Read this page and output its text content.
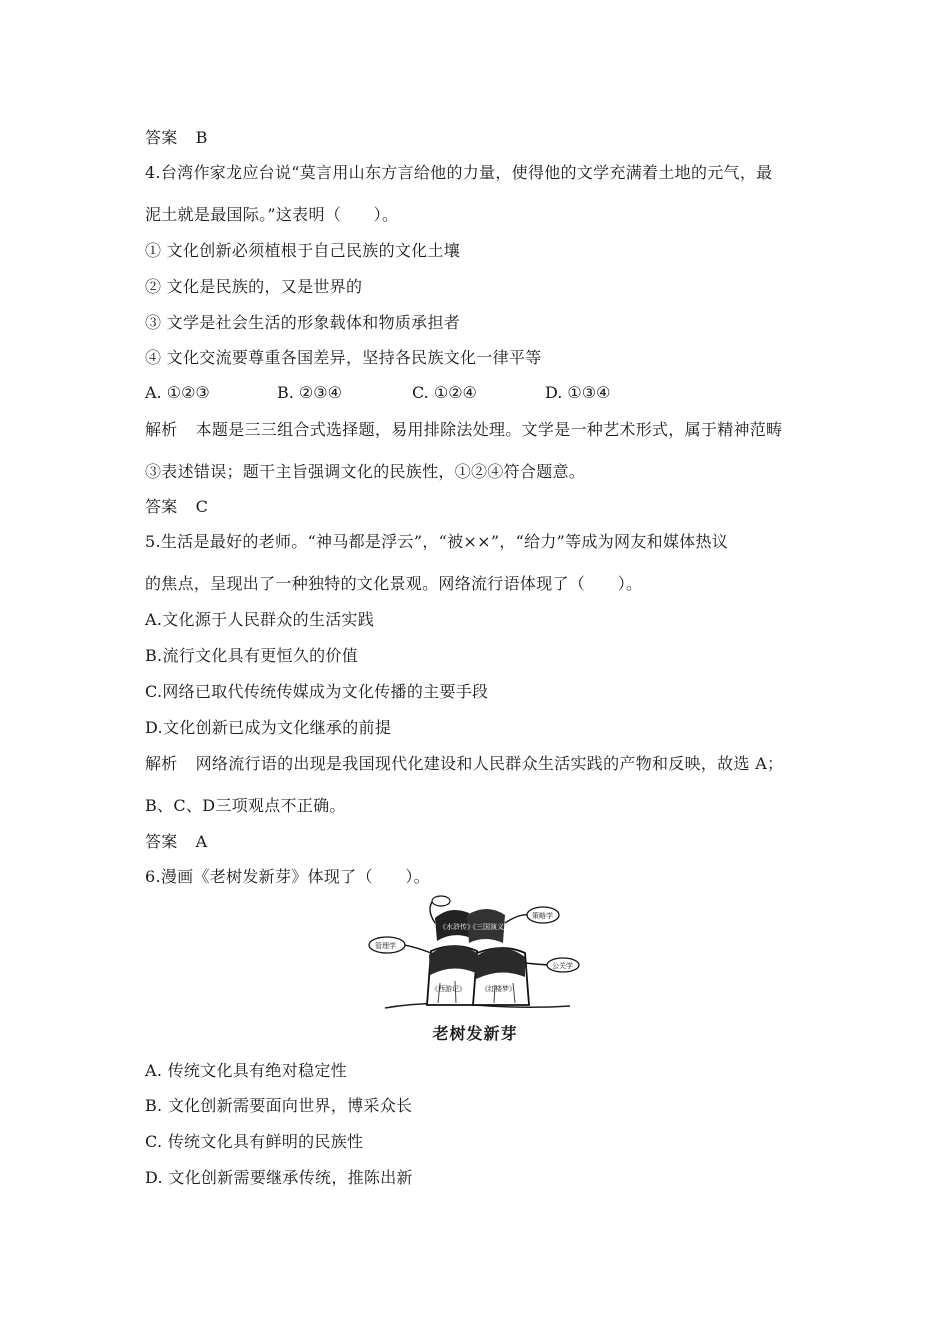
答案 B
4.台湾作家龙应台说“莫言用山东方言给他的力量，使得他的文学充满着土地的元气，最
泥土就是最国际。”这表明（　　）。
① 文化创新必须植根于自己民族的文化土壤
② 文化是民族的，又是世界的
③ 文学是社会生活的形象载体和物质承担者
④ 文化交流要尊重各国差异，坚持各民族文化一律平等
A. ①②③	B. ②③④	C. ①②④	D. ①③④
解析 本题是三三组合式选择题，易用排除法处理。文学是一种艺术形式，属于精神范畴
③表述错误；题干主旨强调文化的民族性，①②④符合题意。
答案 C
5.生活是最好的老师。“神马都是浮云”，“被××”，“给力”等成为网友和媒体热议
的焦点，呈现出了一种独特的文化景观。网络流行语体现了（　　）。
A.文化源于人民群众的生活实践
B.流行文化具有更恒久的价值
C.网络已取代传统传媒成为文化传播的主要手段
D.文化创新已成为文化继承的前提
解析 网络流行语的出现是我国现代化建设和人民群众生活实践的产物和反映，故选 A；
B、C、D三项观点不正确。
答案 A
6.漫画《老树发新芽》体现了（　　）。
管理学
《水浒传》
《三国演义》
策略学
公关学
《西游记》 《红楼梦》
老树发新芽
A. 传统文化具有绝对稳定性
B. 文化创新需要面向世界，博采众长
C. 传统文化具有鲜明的民族性
D. 文化创新需要继承传统，推陈出新
